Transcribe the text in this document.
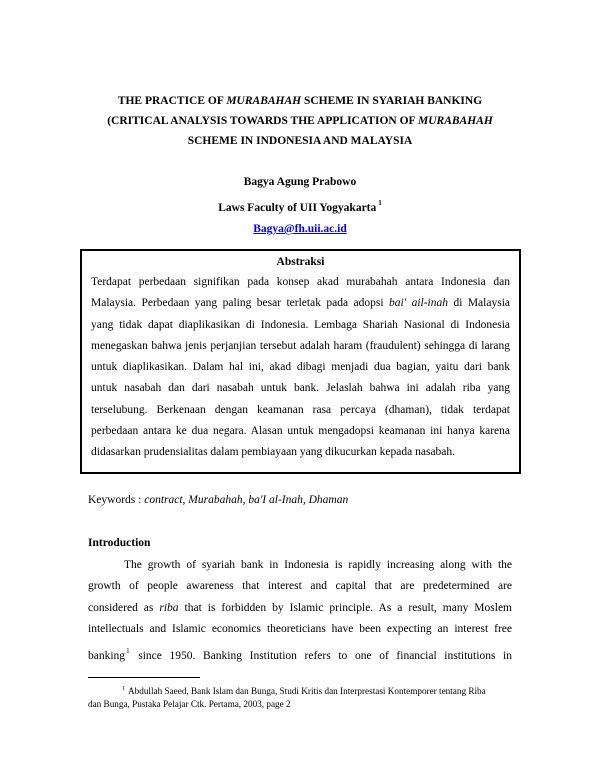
THE PRACTICE OF MURABAHAH SCHEME IN SYARIAH BANKING
(CRITICAL ANALYSIS TOWARDS THE APPLICATION OF MURABAHAH
SCHEME IN INDONESIA AND MALAYSIA
Bagya Agung Prabowo
Laws Faculty of UII Yogyakarta $^1$
Bagya@fh.uii.ac.id
Abstraksi
Terdapat perbedaan signifikan pada konsep akad murabahah antara Indonesia dan
Malaysia. Perbedaan yang paling besar terletak pada adopsi bai' ail-inah di Malaysia
yang tidak dapat diaplikasikan di Indonesia. Lembaga Shariah Nasional di Indonesia
menegaskan bahwa jenis perjanjian tersebut adalah haram (fraudulent) sehingga di larang
untuk diaplikasikan. Dalam hal ini, akad dibagi menjadi dua bagian, yaitu dari bank
untuk nasabah dan dari nasabah untuk bank. Jelaslah bahwa ini adalah riba yang
terselubung. Berkenaan dengan keamanan rasa percaya (dhaman), tidak terdapat
perbedaan antara ke dua negara. Alasan untuk mengadopsi keamanan ini hanya karena
didasarkan prudensialitas dalam pembiayaan yang dikucurkan kepada nasabah.
Keywords : contract, Murabahah, ba'I al-Inah, Dhaman
Introduction
The growth of syariah bank in Indonesia is rapidly increasing along with the
growth of people awareness that interest and capital that are predetermined are
considered as riba that is forbidden by Islamic principle. As a result, many Moslem
intellectuals and Islamic economics theoreticians have been expecting an interest free
banking$^1$ since 1950. Banking Institution refers to one of financial institutions in
$^1$ Abdullah Saeed, Bank Islam dan Bunga, Studi Kritis dan Interprestasi Kontemporer tentang Riba
dan Bunga, Pustaka Pelajar Ctk. Pertama, 2003, page 2
